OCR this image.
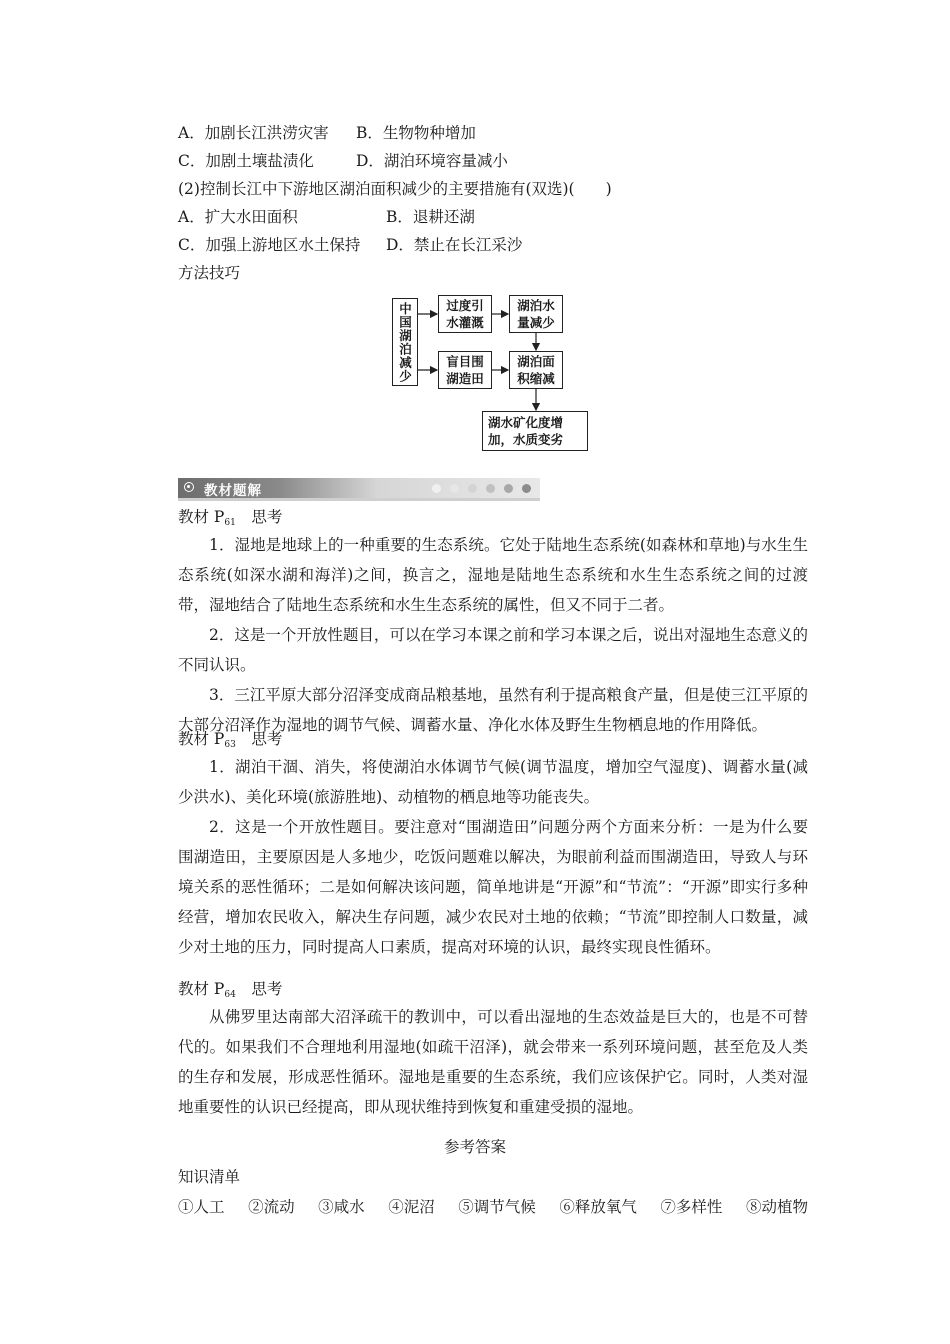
A．加剧长江洪涝灾害 B．生物物种增加
C．加剧土壤盐渍化	D．湖泊环境容量减小
(2)控制长江中下游地区湖泊面积减少的主要措施有(双选)(　　)
A．扩大水田面积	B．退耕还湖
C．加强上游地区水土保持 D．禁止在长江采沙
方法技巧
中国湖泊减少	过度引水灌溉
盲目围湖造田
湖泊水量减少
湖泊面积缩减
湖水矿化度增加，水质变劣
教材题解
教材 $P_{61}$　思考
1．湿地是地球上的一种重要的生态系统。它处于陆地生态系统(如森林和草地)与水生生态系统(如深水湖和海洋)之间，换言之，湿地是陆地生态系统和水生生态系统之间的过渡带，湿地结合了陆地生态系统和水生生态系统的属性，但又不同于二者。
2．这是一个开放性题目，可以在学习本课之前和学习本课之后，说出对湿地生态意义的不同认识。
3．三江平原大部分沼泽变成商品粮基地，虽然有利于提高粮食产量，但是使三江平原的大部分沼泽作为湿地的调节气候、调蓄水量、净化水体及野生生物栖息地的作用降低。
教材 $P_{63}$　思考
1．湖泊干涸、消失，将使湖泊水体调节气候(调节温度，增加空气湿度)、调蓄水量(减少洪水)、美化环境(旅游胜地)、动植物的栖息地等功能丧失。
2．这是一个开放性题目。要注意对“围湖造田”问题分两个方面来分析：一是为什么要围湖造田，主要原因是人多地少，吃饭问题难以解决，为眼前利益而围湖造田，导致人与环境关系的恶性循环；二是如何解决该问题，简单地讲是“开源”和“节流”：“开源”即实行多种经营，增加农民收入，解决生存问题，减少农民对土地的依赖；“节流”即控制人口数量，减少对土地的压力，同时提高人口素质，提高对环境的认识，最终实现良性循环。
教材 $P_{64}$　思考
从佛罗里达南部大沼泽疏干的教训中，可以看出湿地的生态效益是巨大的，也是不可替代的。如果我们不合理地利用湿地(如疏干沼泽)，就会带来一系列环境问题，甚至危及人类的生存和发展，形成恶性循环。湿地是重要的生态系统，我们应该保护它。同时，人类对湿地重要性的认识已经提高，即从现状维持到恢复和重建受损的湿地。
参考答案
知识清单
①人工 ②流动 ③咸水 ④泥沼 ⑤调节气候 ⑥释放氧气 ⑦多样性 ⑧动植物
